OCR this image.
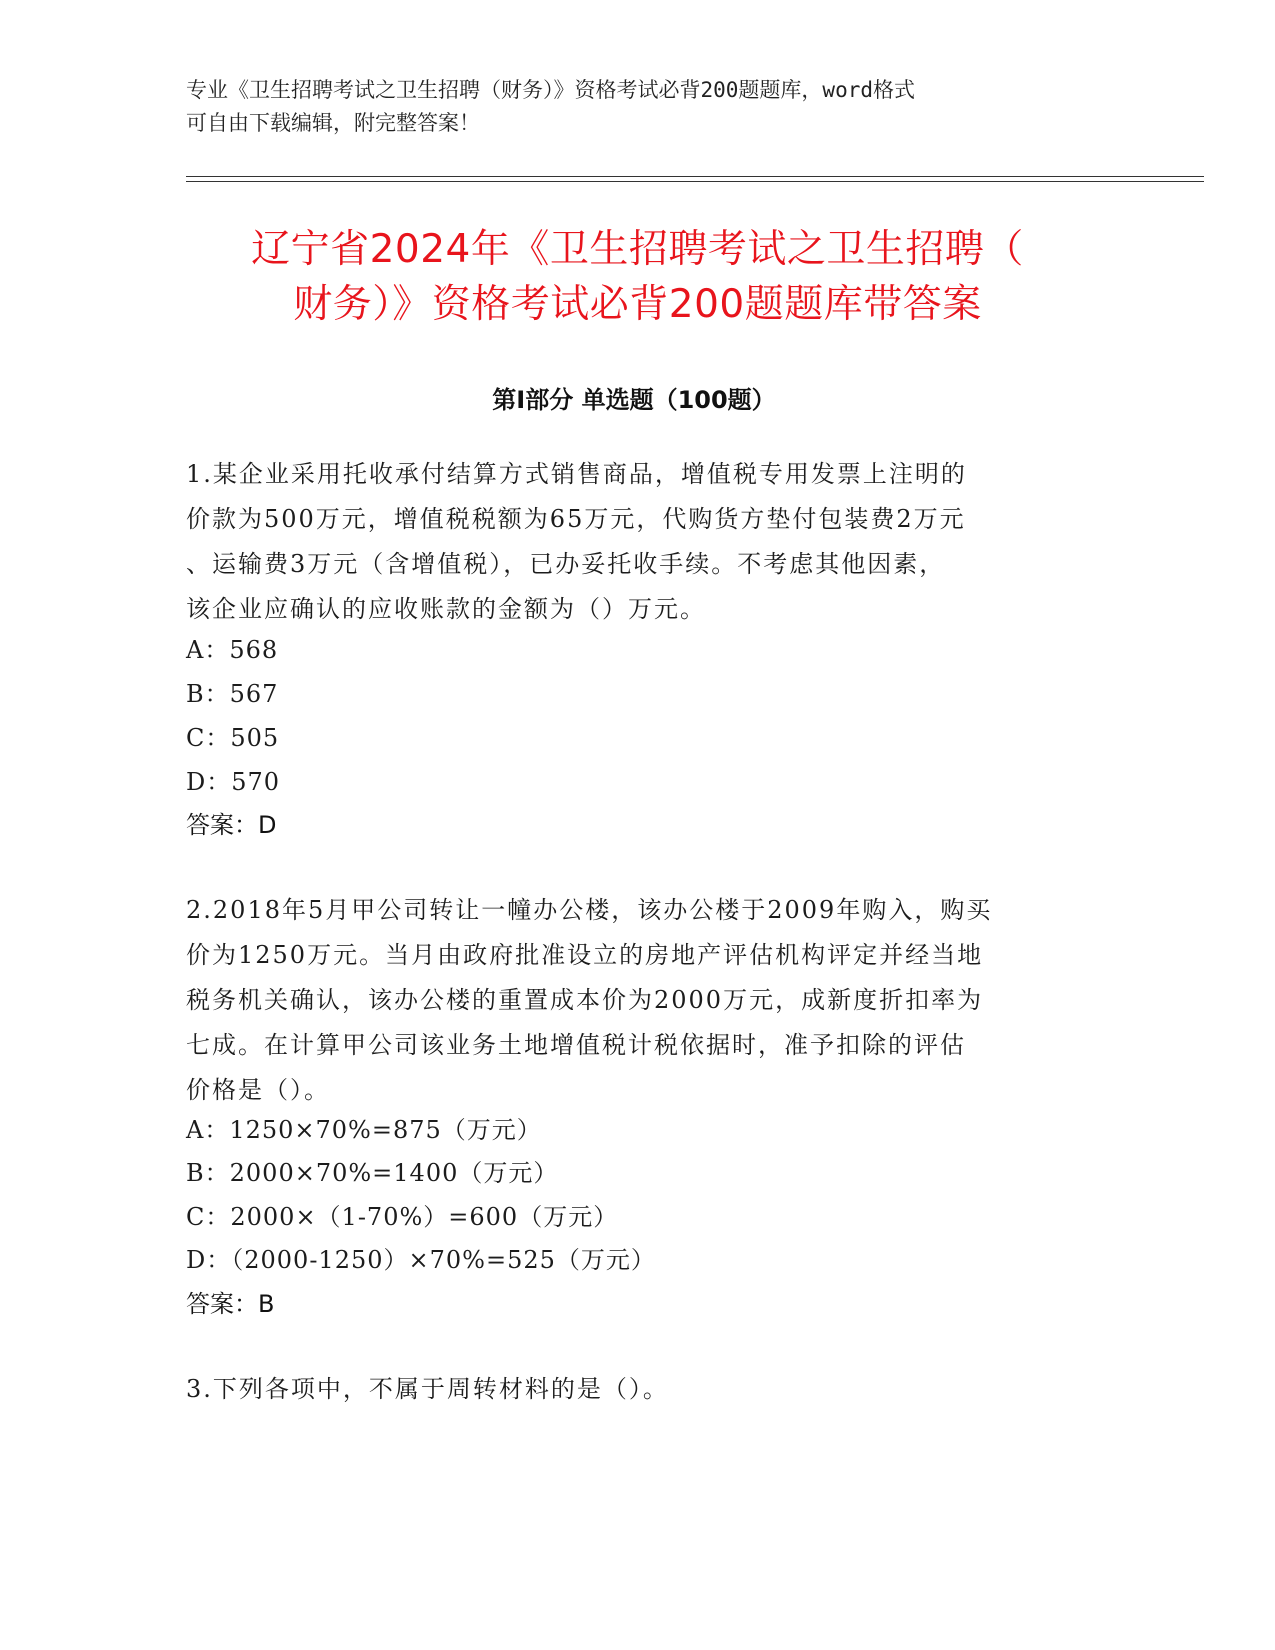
专业《卫生招聘考试之卫生招聘（财务）》资格考试必背200题题库，word格式
可自由下载编辑，附完整答案！
辽宁省2024年《卫生招聘考试之卫生招聘（
财务）》资格考试必背200题题库带答案
第Ⅰ部分 单选题（100题）
1.某企业采用托收承付结算方式销售商品，增值税专用发票上注明的
价款为500万元，增值税税额为65万元，代购货方垫付包装费2万元
、运输费3万元（含增值税），已办妥托收手续。不考虑其他因素，
该企业应确认的应收账款的金额为（）万元。
A：568
B：567
C：505
D：570
答案：D
2.2018年5月甲公司转让一幢办公楼，该办公楼于2009年购入，购买
价为1250万元。当月由政府批准设立的房地产评估机构评定并经当地
税务机关确认，该办公楼的重置成本价为2000万元，成新度折扣率为
七成。在计算甲公司该业务土地增值税计税依据时，准予扣除的评估
价格是（）。
A：1250×70%=875（万元）
B：2000×70%=1400（万元）
C：2000×（1-70%）=600（万元）
D：（2000-1250）×70%=525（万元）
答案：B
3.下列各项中，不属于周转材料的是（）。
